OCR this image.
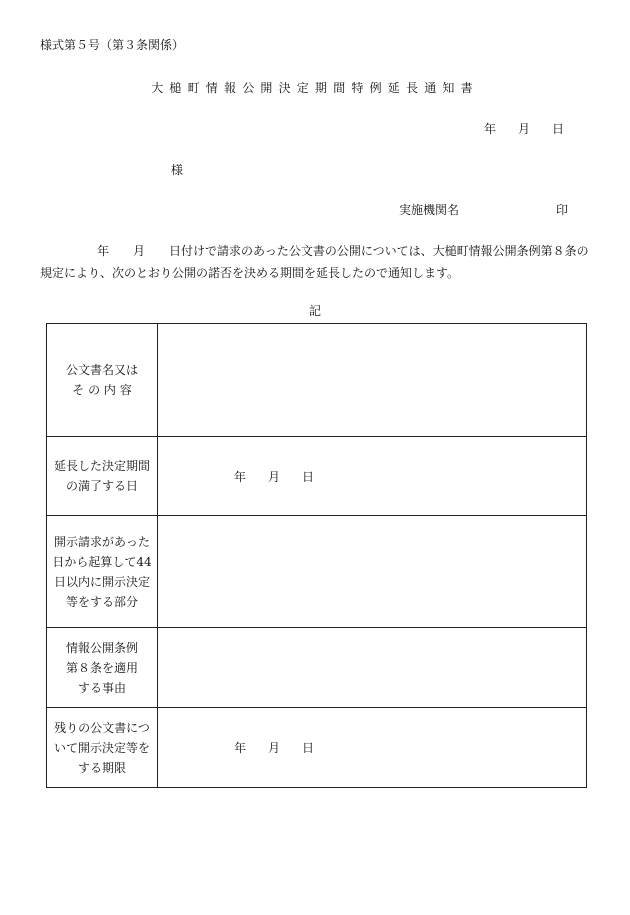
様式第５号（第３条関係）
大槌町情報公開決定期間特例延長通知書
年 月 日
様
実施機関名	印
年 月 日付けで請求のあった公文書の公開については、大槌町情報公開条例第８条の規定により、次のとおり公開の諾否を決める期間を延長したので通知します。
記
公文書名又は
そ の 内 容	

延長した決定期間
の満了する日	年 月 日

開示請求があった
日から起算して44
日以内に開示決定
等をする部分	

情報公開条例
第８条を適用
する事由	

残りの公文書につ
いて開示決定等を
する期限	年 月 日
